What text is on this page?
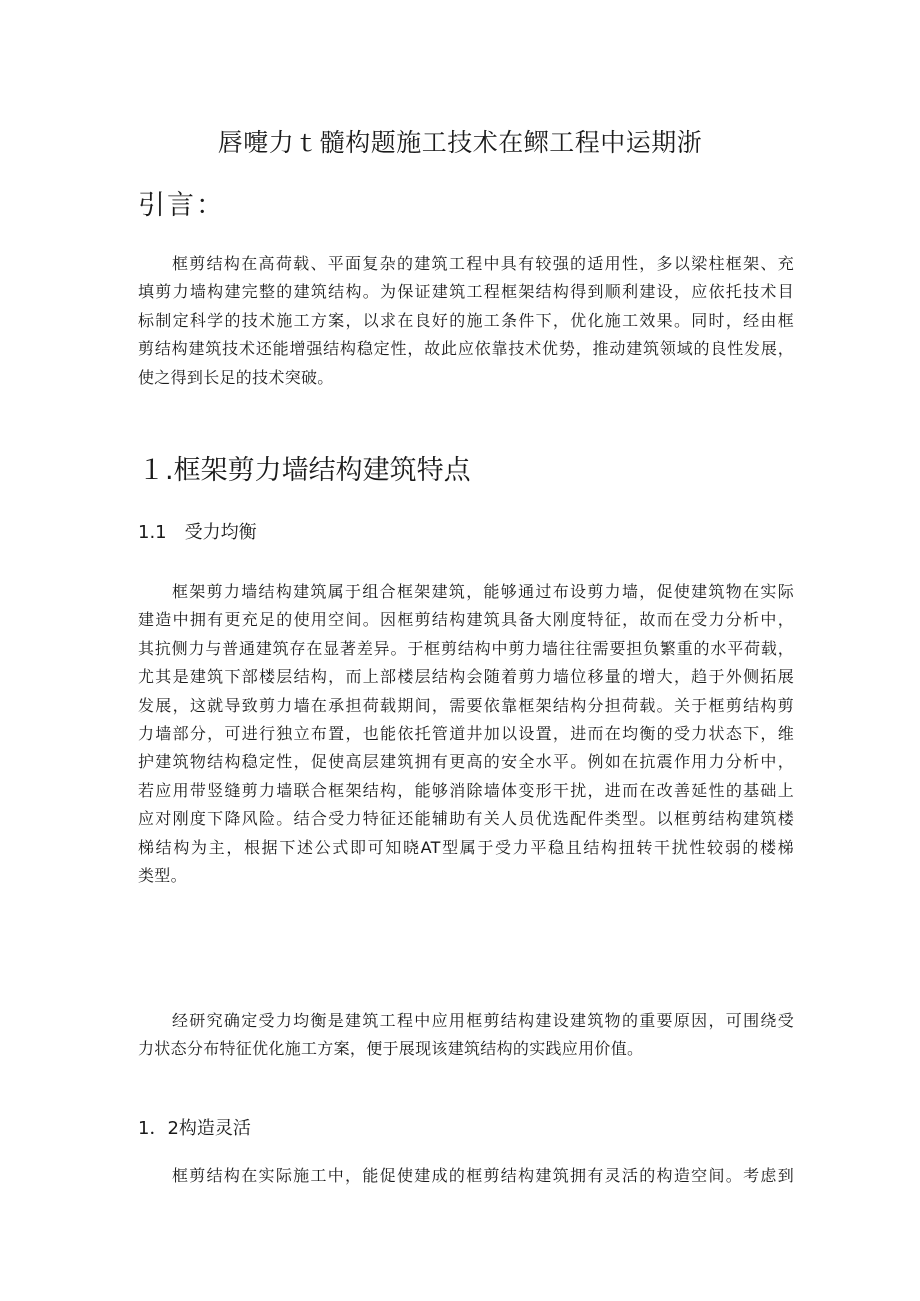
唇嚏力ｔ髓构题施工技术在鳏工程中运期浙
引言：
框剪结构在高荷载、平面复杂的建筑工程中具有较强的适用性，多以梁柱框架、充
填剪力墙构建完整的建筑结构。为保证建筑工程框架结构得到顺利建设，应依托技术目
标制定科学的技术施工方案，以求在良好的施工条件下，优化施工效果。同时，经由框
剪结构建筑技术还能增强结构稳定性，故此应依靠技术优势，推动建筑领域的良性发展，
使之得到长足的技术突破。
１.框架剪力墙结构建筑特点
1.1　受力均衡
框架剪力墙结构建筑属于组合框架建筑，能够通过布设剪力墙，促使建筑物在实际
建造中拥有更充足的使用空间。因框剪结构建筑具备大刚度特征，故而在受力分析中，
其抗侧力与普通建筑存在显著差异。于框剪结构中剪力墙往往需要担负繁重的水平荷载，
尤其是建筑下部楼层结构，而上部楼层结构会随着剪力墙位移量的增大，趋于外侧拓展
发展，这就导致剪力墙在承担荷载期间，需要依靠框架结构分担荷载。关于框剪结构剪
力墙部分，可进行独立布置，也能依托管道井加以设置，进而在均衡的受力状态下，维
护建筑物结构稳定性，促使高层建筑拥有更高的安全水平。例如在抗震作用力分析中，
若应用带竖缝剪力墙联合框架结构，能够消除墙体变形干扰，进而在改善延性的基础上
应对刚度下降风险。结合受力特征还能辅助有关人员优选配件类型。以框剪结构建筑楼
梯结构为主，根据下述公式即可知晓AT型属于受力平稳且结构扭转干扰性较弱的楼梯
类型。
经研究确定受力均衡是建筑工程中应用框剪结构建设建筑物的重要原因，可围绕受
力状态分布特征优化施工方案，便于展现该建筑结构的实践应用价值。
1．2构造灵活
框剪结构在实际施工中，能促使建成的框剪结构建筑拥有灵活的构造空间。考虑到
